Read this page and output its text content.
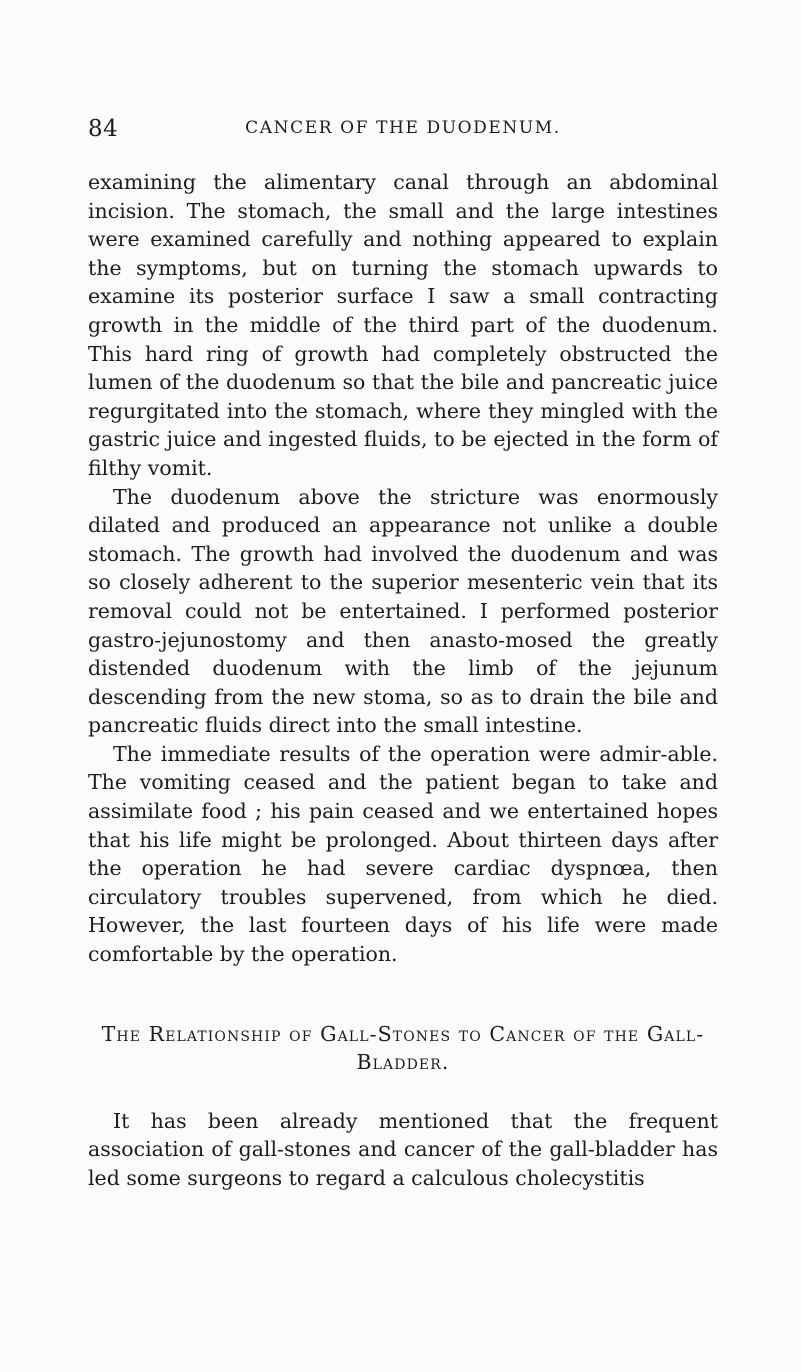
84	CANCER OF THE DUODENUM.

examining the alimentary canal through an abdominal incision. The stomach, the small and the large intestines were examined carefully and nothing appeared to explain the symptoms, but on turning the stomach upwards to examine its posterior surface I saw a small contracting growth in the middle of the third part of the duodenum. This hard ring of growth had completely obstructed the lumen of the duodenum so that the bile and pancreatic juice regurgitated into the stomach, where they mingled with the gastric juice and ingested fluids, to be ejected in the form of filthy vomit.

The duodenum above the stricture was enormously dilated and produced an appearance not unlike a double stomach. The growth had involved the duodenum and was so closely adherent to the superior mesenteric vein that its removal could not be entertained. I performed posterior gastro-jejunostomy and then anasto-mosed the greatly distended duodenum with the limb of the jejunum descending from the new stoma, so as to drain the bile and pancreatic fluids direct into the small intestine.

The immediate results of the operation were admir-able. The vomiting ceased and the patient began to take and assimilate food ; his pain ceased and we entertained hopes that his life might be prolonged. About thirteen days after the operation he had severe cardiac dyspnœa, then circulatory troubles supervened, from which he died. However, the last fourteen days of his life were made comfortable by the operation.

The Relationship of Gall-Stones to Cancer of the Gall-Bladder.

It has been already mentioned that the frequent association of gall-stones and cancer of the gall-bladder has led some surgeons to regard a calculous cholecystitis
